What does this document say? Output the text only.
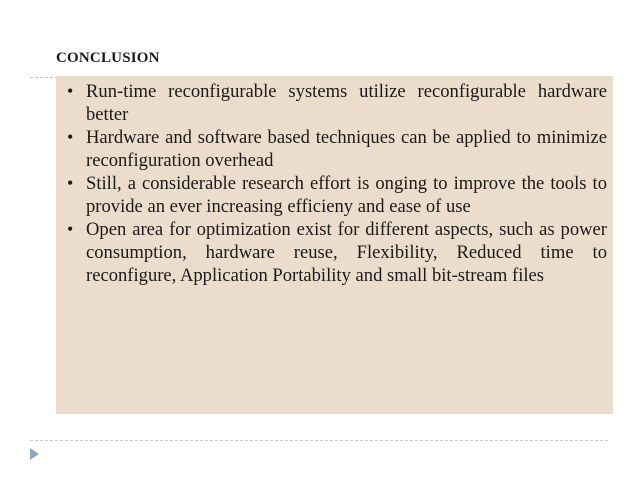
CONCLUSION
• Run-time reconfigurable systems utilize reconfigurable hardware better
• Hardware and software based techniques can be applied to minimize reconfiguration overhead
• Still, a considerable research effort is onging to improve the tools to provide an ever increasing efficieny and ease of use
• Open area for optimization exist for different aspects, such as power consumption, hardware reuse, Flexibility, Reduced time to reconfigure, Application Portability and small bit-stream files
